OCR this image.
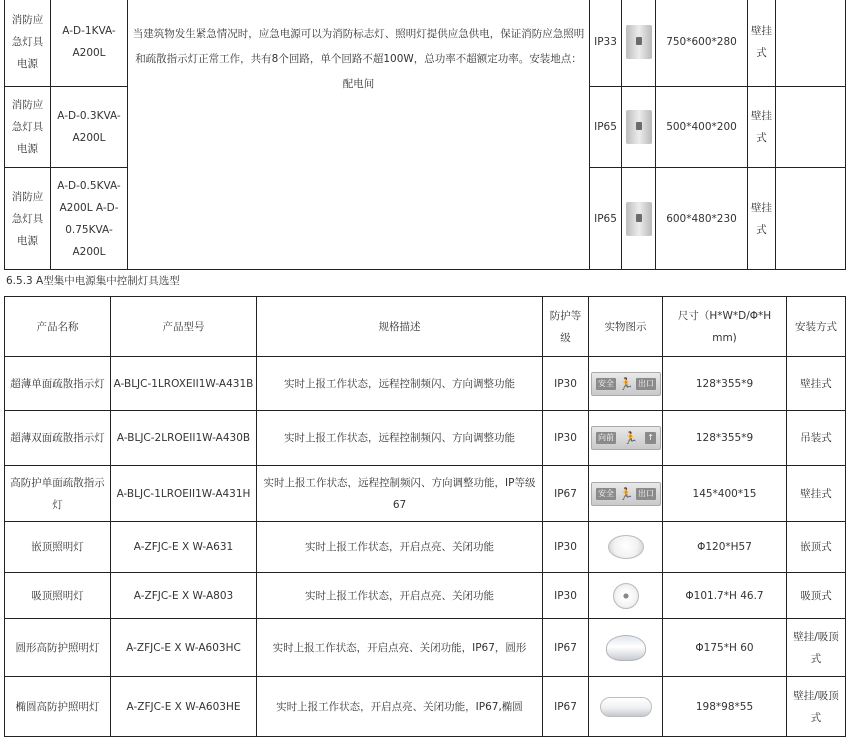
消防应急灯具电源	A-D-1KVA-A200L	当建筑物发生紧急情况时，应急电源可以为消防标志灯、照明灯提供应急供电，保证消防应急照明和疏散指示灯正常工作，共有8个回路，单个回路不超100W，总功率不超额定功率。安装地点：配电间	IP33		750*600*280	壁挂式	
消防应急灯具电源	A-D-0.3KVA-A200L		IP65		500*400*200	壁挂式	
消防应急灯具电源	A-D-0.5KVA-A200L A-D-0.75KVA-A200L		IP65		600*480*230	壁挂式	
6.5.3 A型集中电源集中控制灯具选型
产品名称	产品型号	规格描述	防护等级	实物图示	尺寸（H*W*D/Φ*H mm)	安装方式
超薄单面疏散指示灯	A-BLJC-1LROXEII1W-A431B	实时上报工作状态，远程控制频闪、方向调整功能	IP30	安全 🏃 出口	128*355*9	壁挂式
超薄双面疏散指示灯	A-BLJC-2LROEII1W-A430B	实时上报工作状态，远程控制频闪、方向调整功能	IP30	向前 🏃 ↑	128*355*9	吊装式
高防护单面疏散指示灯	A-BLJC-1LROEII1W-A431H	实时上报工作状态，远程控制频闪、方向调整功能，IP等级67	IP67	安全 🏃 出口	145*400*15	壁挂式
嵌顶照明灯	A-ZFJC-E X W-A631	实时上报工作状态，开启点亮、关闭功能	IP30		Φ120*H57	嵌顶式
吸顶照明灯	A-ZFJC-E X W-A803	实时上报工作状态，开启点亮、关闭功能	IP30		Φ101.7*H 46.7	吸顶式
圆形高防护照明灯	A-ZFJC-E X W-A603HC	实时上报工作状态，开启点亮、关闭功能，IP67，圆形	IP67		Φ175*H 60	壁挂/吸顶式
椭圆高防护照明灯	A-ZFJC-E X W-A603HE	实时上报工作状态，开启点亮、关闭功能，IP67,椭圆	IP67		198*98*55	壁挂/吸顶式
